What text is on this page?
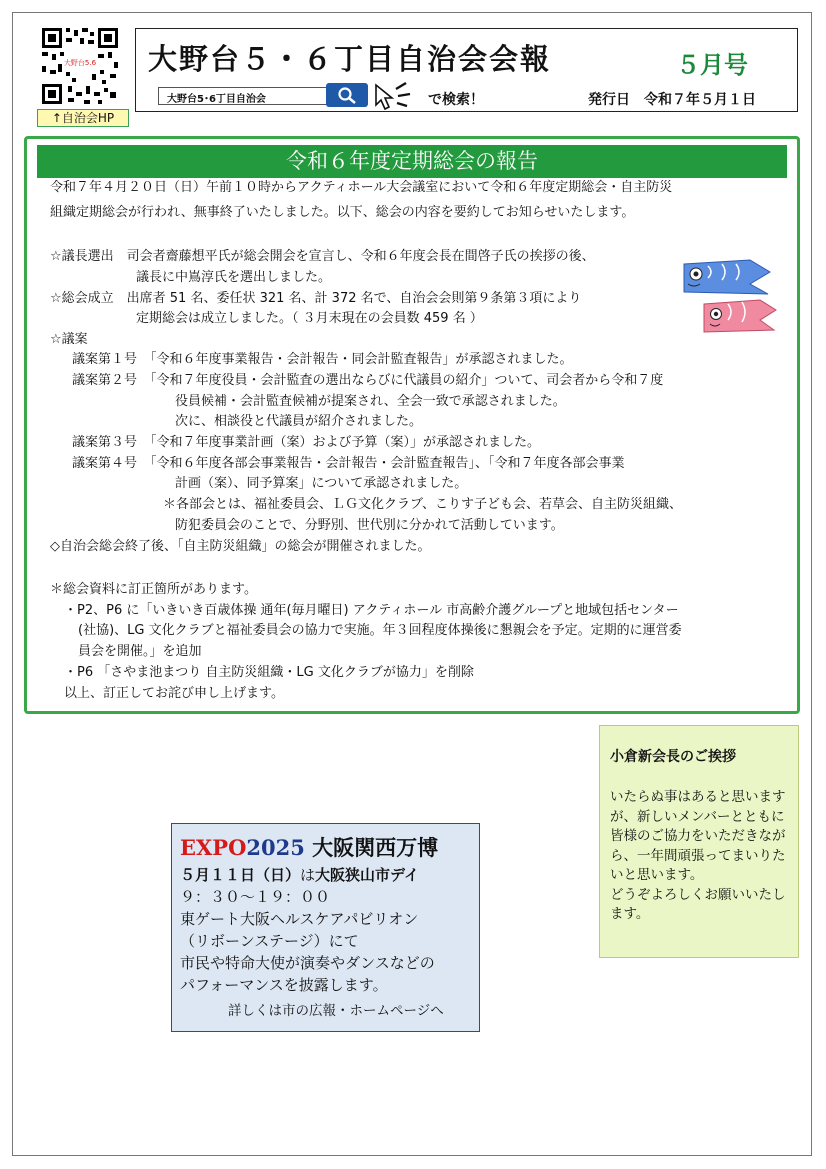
大野台5.6
↑自治会HP
大野台５・６丁目自治会会報	５月号
大野台5･6丁目自治会	で検索！	発行日　令和７年５月１日
令和６年度定期総会の報告
令和７年４月２０日（日）午前１０時からアクティホール大会議室において令和６年度定期総会・自主防災
組織定期総会が行われ、無事終了いたしました。以下、総会の内容を要約してお知らせいたします。
☆議長選出　司会者齋藤想平氏が総会開会を宣言し、令和６年度会長在間啓子氏の挨拶の後、
議長に中嶌淳氏を選出しました。
☆総会成立　出席者 51 名、委任状 321 名、計 372 名で、自治会会則第９条第３項により
定期総会は成立しました。（ ３月末現在の会員数 459 名 ）
☆議案
議案第１号　「令和６年度事業報告・会計報告・同会計監査報告」が承認されました。
議案第２号　「令和７年度役員・会計監査の選出ならびに代議員の紹介」ついて、司会者から令和７度
役員候補・会計監査候補が提案され、全会一致で承認されました。
次に、相談役と代議員が紹介されました。
議案第３号　「令和７年度事業計画（案）および予算（案）」が承認されました。
議案第４号　「令和６年度各部会事業報告・会計報告・会計監査報告」、「令和７年度各部会事業
計画（案）、同予算案」について承認されました。
＊各部会とは、福祉委員会、ＬＧ文化クラブ、こりす子ども会、若草会、自主防災組織、
防犯委員会のことで、分野別、世代別に分かれて活動しています。
◇自治会総会終了後、「自主防災組織」の総会が開催されました。
＊総会資料に訂正箇所があります。
・P2、P6 に「いきいき百歳体操 通年(毎月曜日) アクティホール 市高齢介護グループと地域包括センター
(社協)、LG 文化クラブと福祉委員会の協力で実施。年３回程度体操後に懇親会を予定。定期的に運営委
員会を開催。」を追加
・P6 「さやま池まつり 自主防災組織・LG 文化クラブが協力」を削除
以上、訂正してお詫び申し上げます。
小倉新会長のご挨拶
いたらぬ事はあると思いますが、新しいメンバーとともに皆様のご協力をいただきながら、一年間頑張ってまいりたいと思います。
どうぞよろしくお願いいたします。
EXPO2025 大阪関西万博
５月１１日（日）は大阪狭山市デイ
９：３０〜１９：００
東ゲート大阪ヘルスケアパビリオン
（リボーンステージ）にて
市民や特命大使が演奏やダンスなどの
パフォーマンスを披露します。
詳しくは市の広報・ホームページへ
